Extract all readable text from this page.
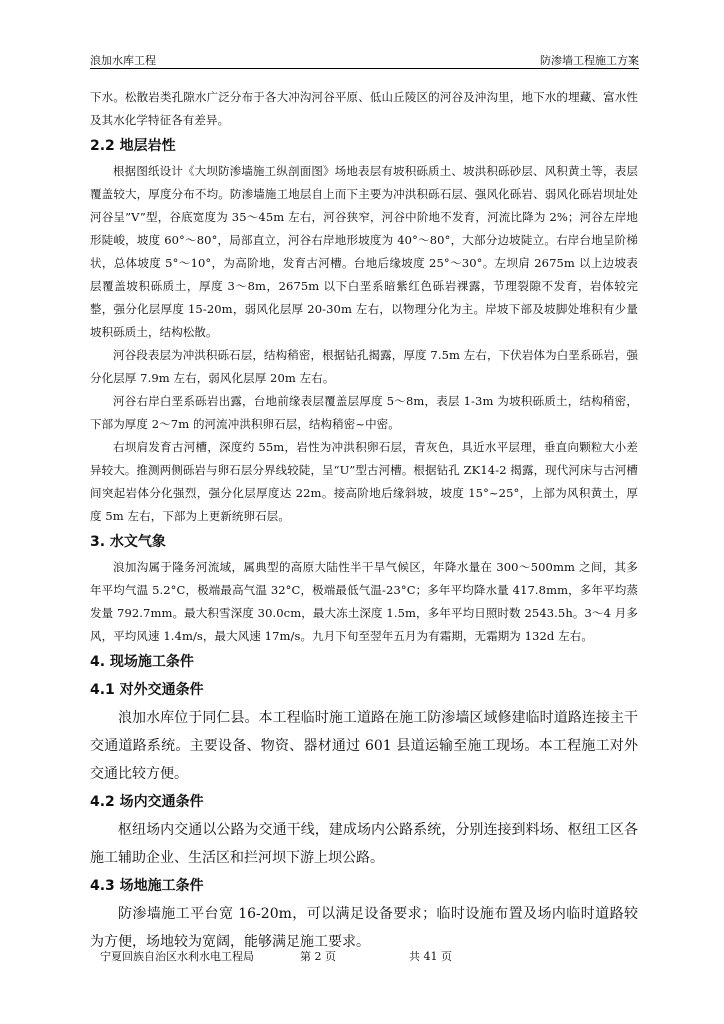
浪加水库工程	防渗墙工程施工方案

下水。松散岩类孔隙水广泛分布于各大冲沟河谷平原、低山丘陵区的河谷及沖沟里，地下水的埋藏、富水性及其水化学特征各有差异。

2.2 地层岩性

根据图纸设计《大坝防渗墙施工纵剖面图》场地表层有坡积砾质土、坡洪积砾砂层、风积黄土等，表层覆盖较大，厚度分布不均。防渗墙施工地层自上而下主要为冲洪积砾石层、强风化砾岩、弱风化砾岩坝址处河谷呈”V”型，谷底宽度为 35～45m 左右，河谷狭窄，河谷中阶地不发育，河流比降为 2%；河谷左岸地形陡峻，坡度 60°～80°，局部直立，河谷右岸地形坡度为 40°～80°，大部分边坡陡立。右岸台地呈阶梯状，总体坡度 5°～10°，为高阶地，发育古河槽。台地后缘坡度 25°～30°。左坝肩 2675m 以上边坡表层覆盖坡积砾质土，厚度 3～8m，2675m 以下白垩系暗紫红色砾岩裸露，节理裂隙不发育，岩体较完整，强分化层厚度 15-20m，弱风化层厚 20-30m 左右，以物理分化为主。岸坡下部及坡脚处堆积有少量坡积砾质土，结构松散。

河谷段表层为冲洪积砾石层，结构稍密，根据钻孔揭露，厚度 7.5m 左右，下伏岩体为白垩系砾岩，强分化层厚 7.9m 左右，弱风化层厚 20m 左右。

河谷右岸白垩系砾岩出露，台地前缘表层覆盖层厚度 5～8m，表层 1-3m 为坡积砾质土，结构稍密，下部为厚度 2～7m 的河流冲洪积卵石层，结构稍密~中密。

右坝肩发育古河槽，深度约 55m，岩性为冲洪积卵石层，青灰色，具近水平层理，垂直向颗粒大小差异较大。推测两侧砾岩与卵石层分界线较陡，呈“U”型古河槽。根据钻孔 ZK14-2 揭露，现代河床与古河槽间突起岩体分化强烈，强分化层厚度达 22m。接高阶地后缘斜坡，坡度 15°~25°，上部为风积黄土，厚度 5m 左右，下部为上更新统卵石层。

3. 水文气象

浪加沟属于隆务河流域，属典型的高原大陆性半干旱气候区，年降水量在 300～500mm 之间，其多年平均气温 5.2°C，极端最高气温 32°C，极端最低气温-23°C；多年平均降水量 417.8mm，多年平均蒸发量 792.7mm。最大积雪深度 30.0cm，最大冻土深度 1.5m，多年平均日照时数 2543.5h。3～4 月多风，平均风速 1.4m/s，最大风速 17m/s。九月下旬至翌年五月为有霜期，无霜期为 132d 左右。

4. 现场施工条件
4.1 对外交通条件

浪加水库位于同仁县。本工程临时施工道路在施工防渗墙区域修建临时道路连接主干交通道路系统。主要设备、物资、器材通过 601 县道运输至施工现场。本工程施工对外交通比较方便。

4.2 场内交通条件

枢纽场内交通以公路为交通干线，建成场内公路系统，分别连接到料场、枢纽工区各施工辅助企业、生活区和拦河坝下游上坝公路。

4.3 场地施工条件

防渗墙施工平台宽 16-20m，可以满足设备要求；临时设施布置及场内临时道路较为方便，场地较为宽阔，能够满足施工要求。

宁夏回族自治区水利水电工程局	第 2 页	共 41 页
